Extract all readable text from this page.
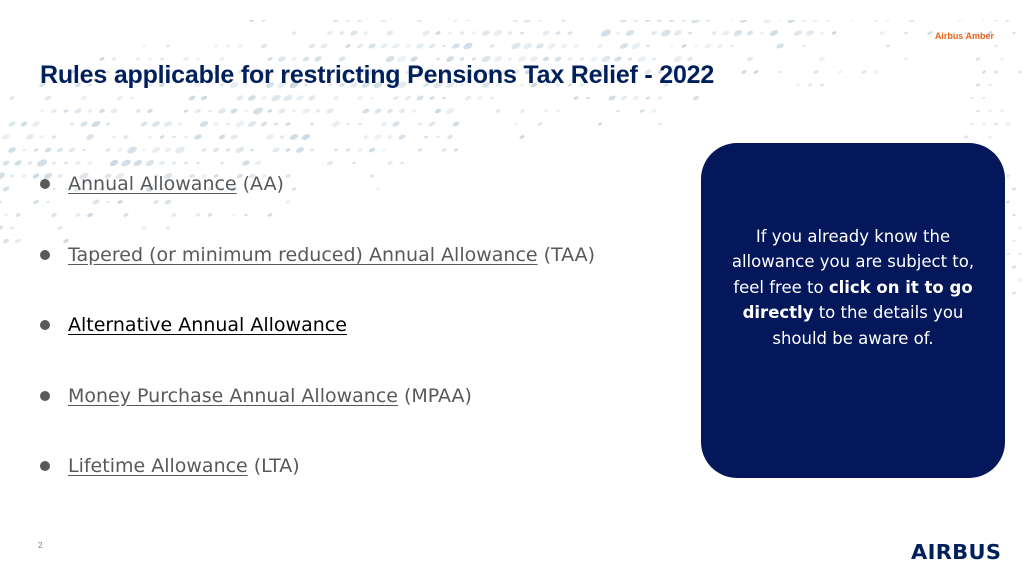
Airbus Amber
Rules applicable for restricting Pensions Tax Relief - 2022
Annual Allowance (AA)
Tapered (or minimum reduced) Annual Allowance (TAA)
Alternative Annual Allowance
Money Purchase Annual Allowance (MPAA)
Lifetime Allowance (LTA)

If you already know the allowance you are subject to, feel free to click on it to go directly to the details you should be aware of.

2	AIRBUS
